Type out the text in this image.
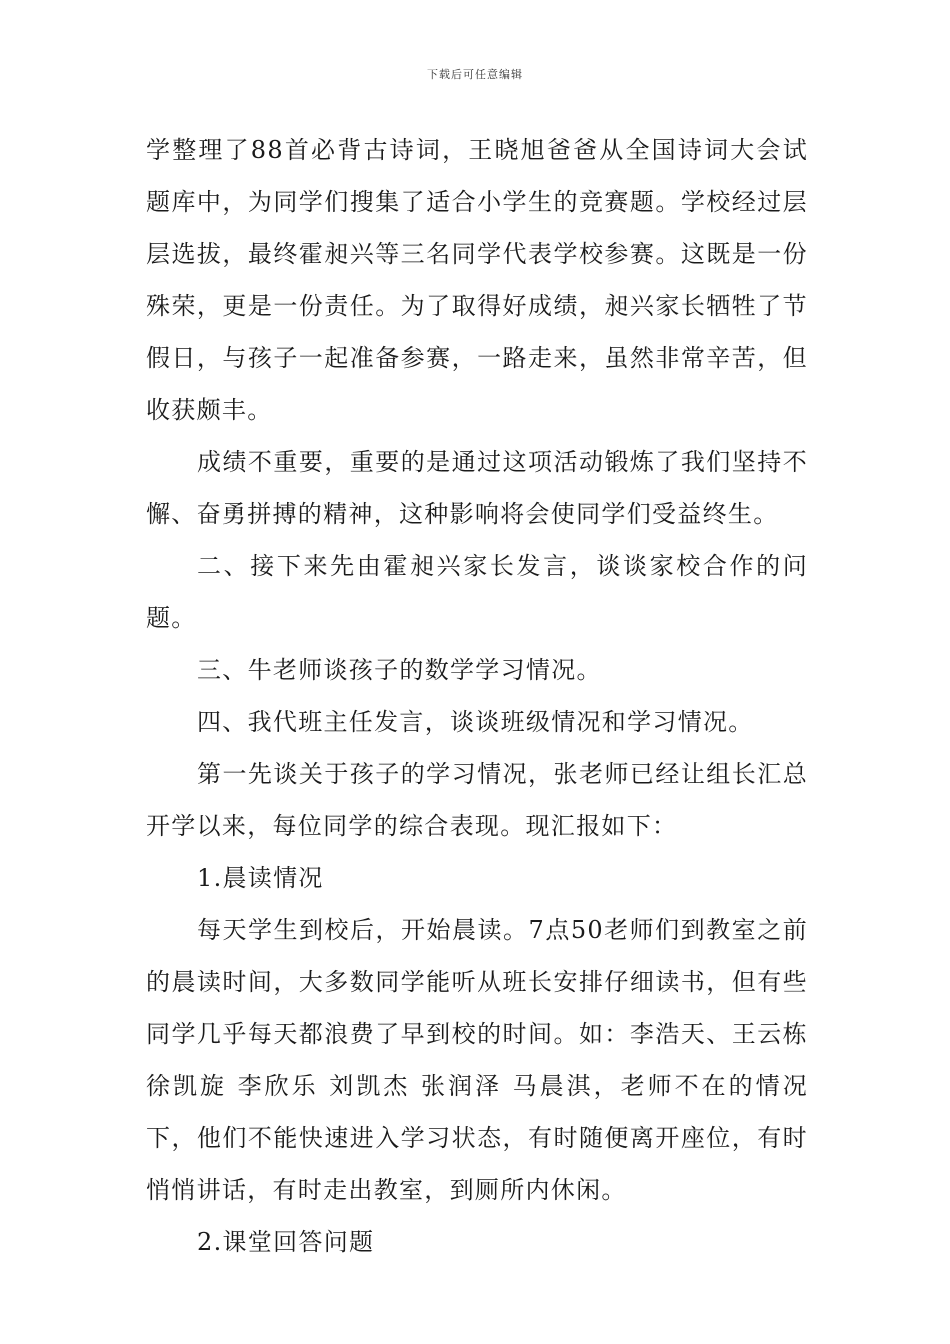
下载后可任意编辑

学整理了88首必背古诗词，王晓旭爸爸从全国诗词大会试题库中，为同学们搜集了适合小学生的竞赛题。学校经过层层选拔，最终霍昶兴等三名同学代表学校参赛。这既是一份殊荣，更是一份责任。为了取得好成绩，昶兴家长牺牲了节假日，与孩子一起准备参赛，一路走来，虽然非常辛苦，但收获颇丰。

成绩不重要，重要的是通过这项活动锻炼了我们坚持不懈、奋勇拼搏的精神，这种影响将会使同学们受益终生。

二、接下来先由霍昶兴家长发言，谈谈家校合作的问题。

三、牛老师谈孩子的数学学习情况。

四、我代班主任发言，谈谈班级情况和学习情况。

第一先谈关于孩子的学习情况，张老师已经让组长汇总开学以来，每位同学的综合表现。现汇报如下：

1.晨读情况

每天学生到校后，开始晨读。7点50老师们到教室之前的晨读时间，大多数同学能听从班长安排仔细读书，但有些同学几乎每天都浪费了早到校的时间。如：李浩天、王云栋 徐凯旋 李欣乐 刘凯杰 张润泽 马晨淇，老师不在的情况下，他们不能快速进入学习状态，有时随便离开座位，有时悄悄讲话，有时走出教室，到厕所内休闲。

2.课堂回答问题
